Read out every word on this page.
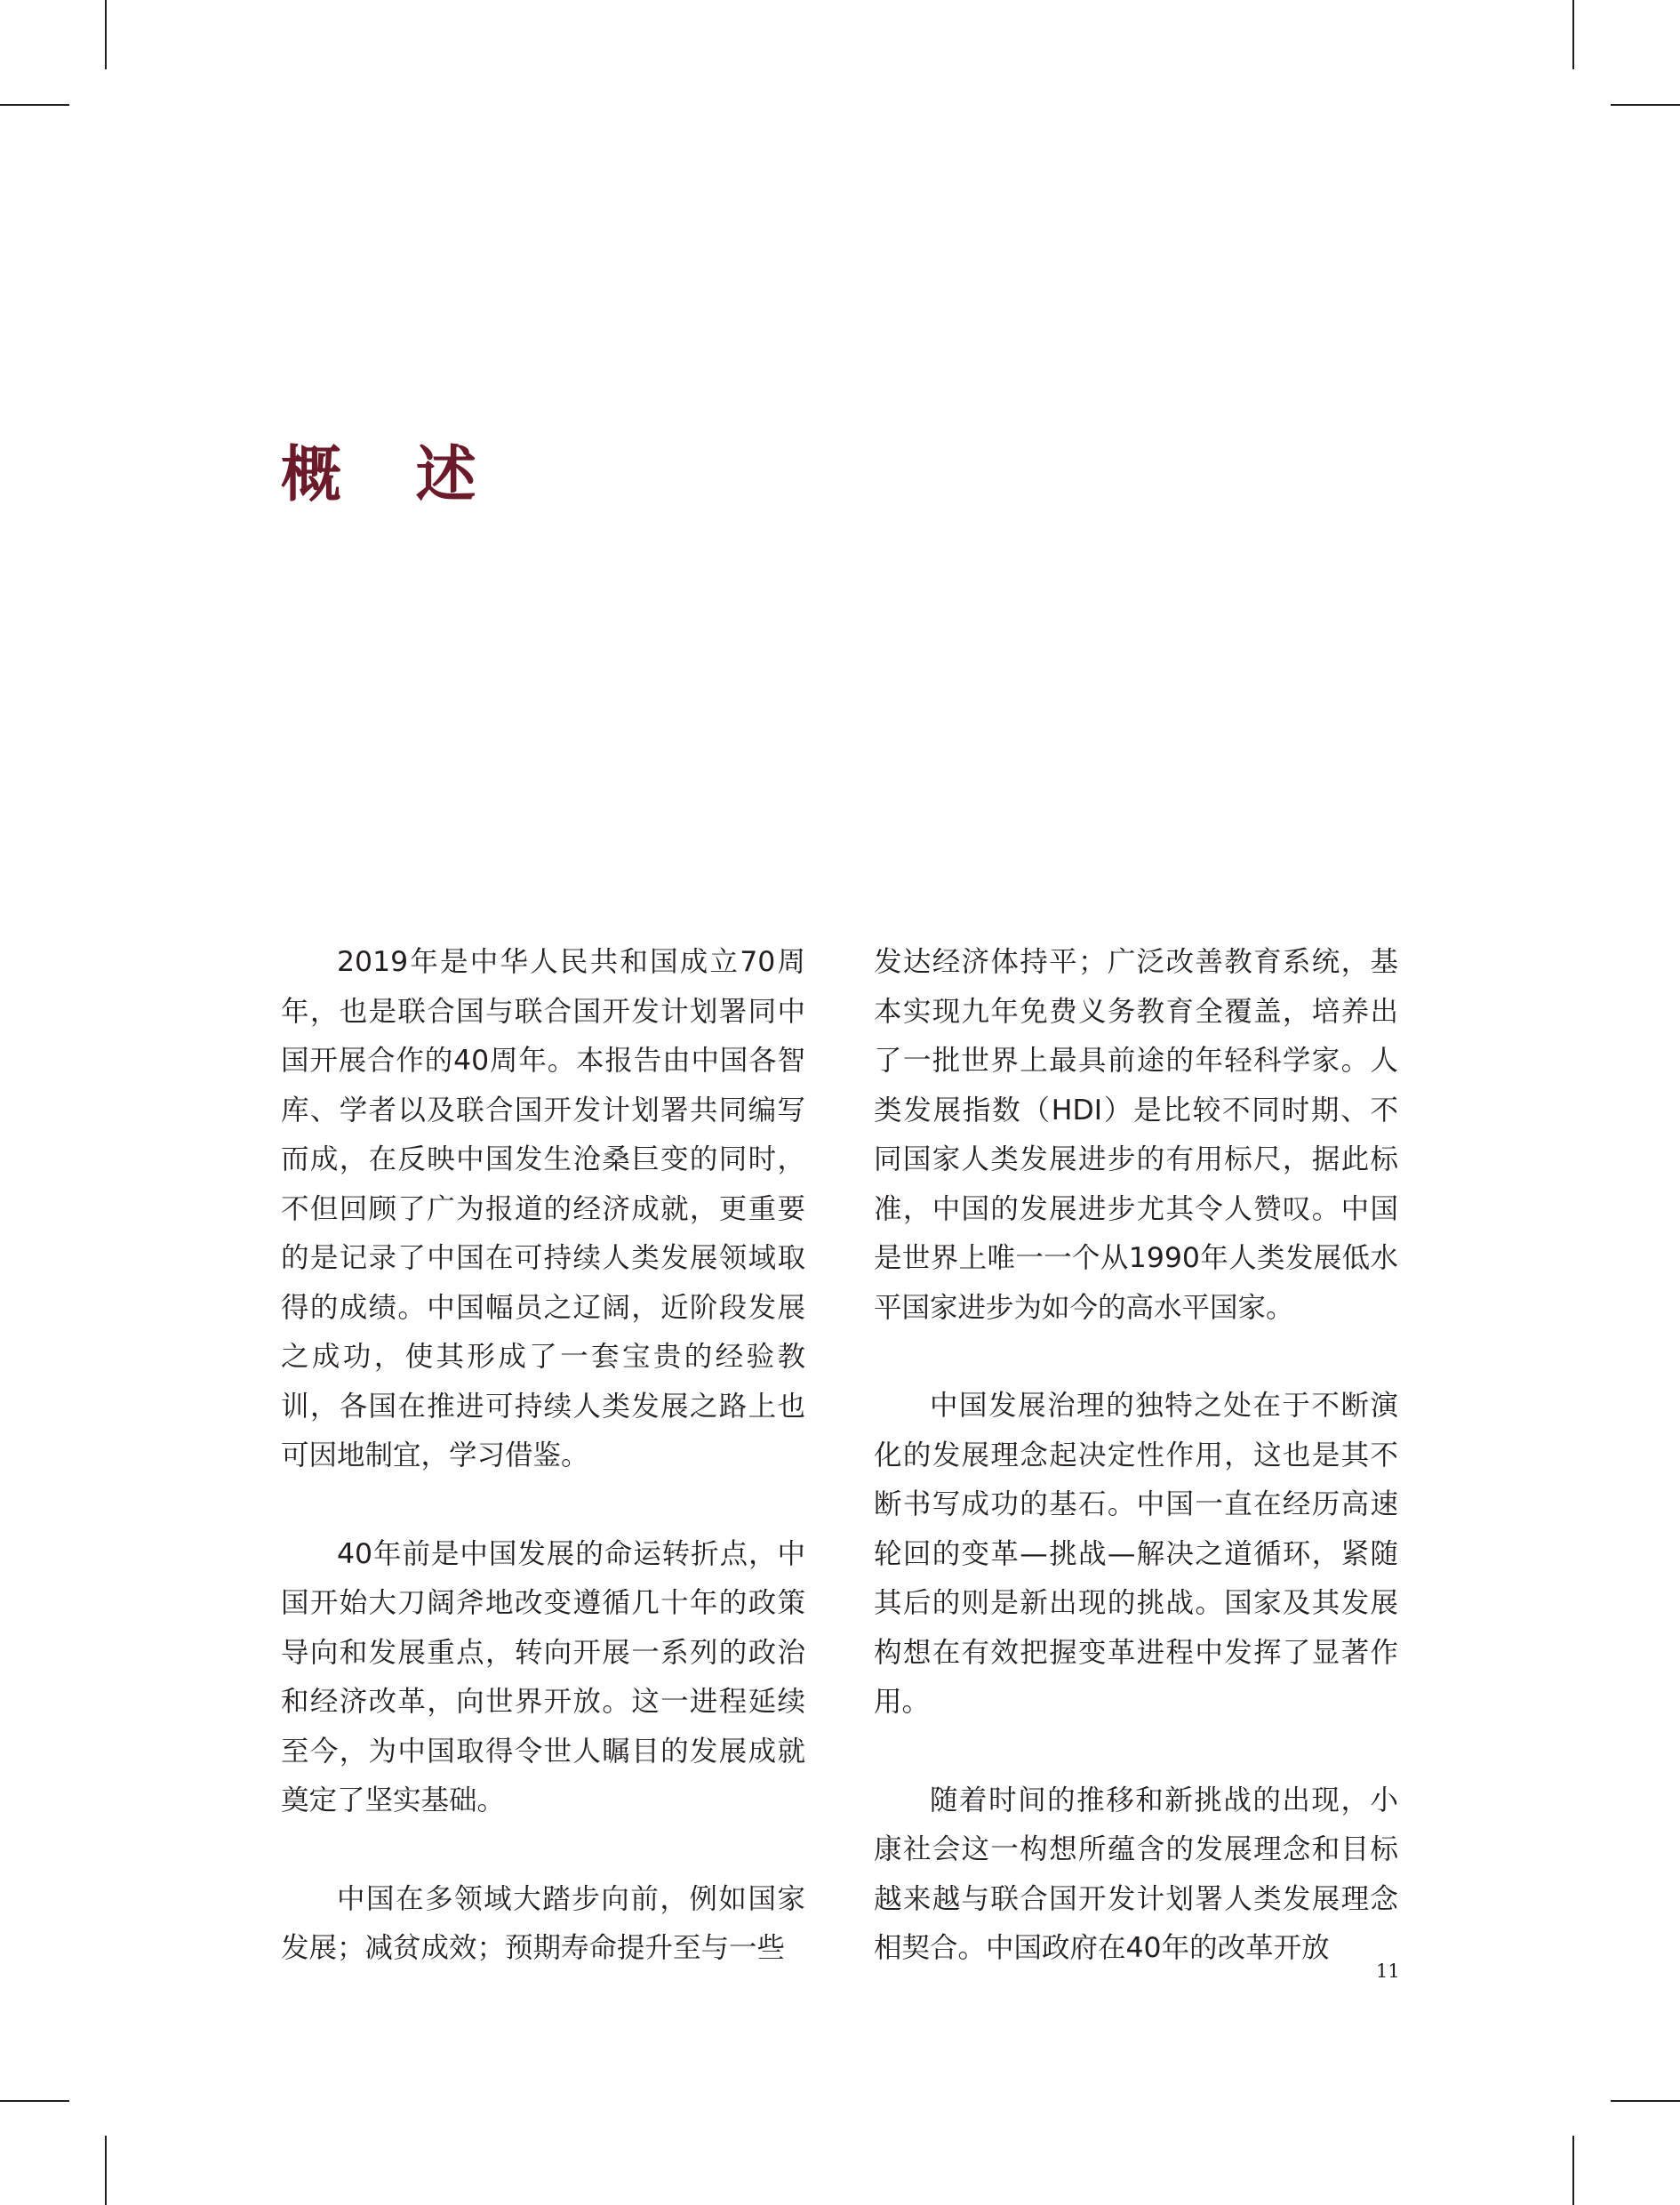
概 述

2019年是中华人民共和国成立70周年，也是联合国与联合国开发计划署同中国开展合作的40周年。本报告由中国各智库、学者以及联合国开发计划署共同编写而成，在反映中国发生沧桑巨变的同时，不但回顾了广为报道的经济成就，更重要的是记录了中国在可持续人类发展领域取得的成绩。中国幅员之辽阔，近阶段发展之成功，使其形成了一套宝贵的经验教训，各国在推进可持续人类发展之路上也可因地制宜，学习借鉴。

40年前是中国发展的命运转折点，中国开始大刀阔斧地改变遵循几十年的政策导向和发展重点，转向开展一系列的政治和经济改革，向世界开放。这一进程延续至今，为中国取得令世人瞩目的发展成就奠定了坚实基础。

中国在多领域大踏步向前，例如国家发展；减贫成效；预期寿命提升至与一些

发达经济体持平；广泛改善教育系统，基本实现九年免费义务教育全覆盖，培养出了一批世界上最具前途的年轻科学家。人类发展指数（HDI）是比较不同时期、不同国家人类发展进步的有用标尺，据此标准，中国的发展进步尤其令人赞叹。中国是世界上唯一一个从1990年人类发展低水平国家进步为如今的高水平国家。

中国发展治理的独特之处在于不断演化的发展理念起决定性作用，这也是其不断书写成功的基石。中国一直在经历高速轮回的变革—挑战—解决之道循环，紧随其后的则是新出现的挑战。国家及其发展构想在有效把握变革进程中发挥了显著作用。

随着时间的推移和新挑战的出现，小康社会这一构想所蕴含的发展理念和目标越来越与联合国开发计划署人类发展理念相契合。中国政府在40年的改革开放

11
